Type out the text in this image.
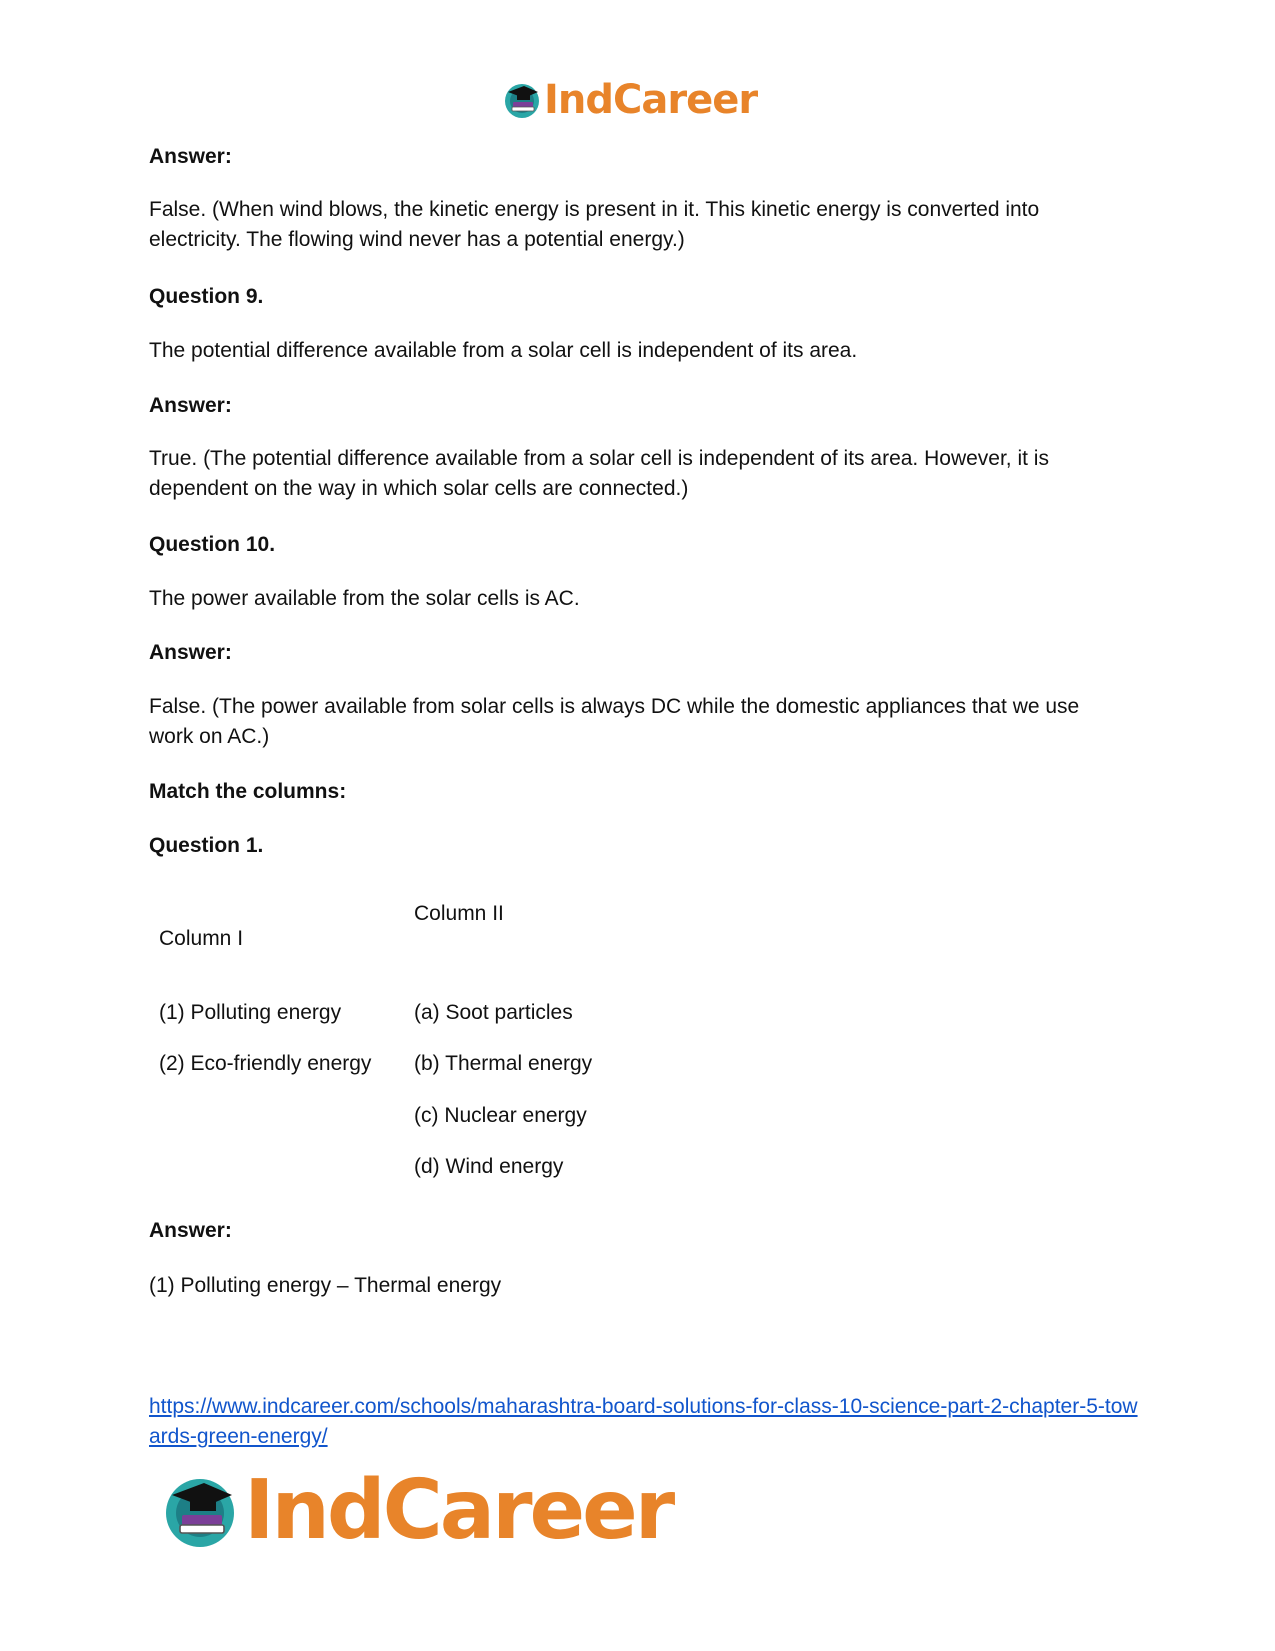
IndCareer

Answer:

False. (When wind blows, the kinetic energy is present in it. This kinetic energy is converted into electricity. The flowing wind never has a potential energy.)

Question 9.

The potential difference available from a solar cell is independent of its area.

Answer:

True. (The potential difference available from a solar cell is independent of its area. However, it is dependent on the way in which solar cells are connected.)

Question 10.

The power available from the solar cells is AC.

Answer:

False. (The power available from solar cells is always DC while the domestic appliances that we use work on AC.)

Match the columns:

Question 1.

Column I
Column II
(1) Polluting energy
(2) Eco-friendly energy
(a) Soot particles
(b) Thermal energy
(c) Nuclear energy
(d) Wind energy

Answer:

(1) Polluting energy – Thermal energy

https://www.indcareer.com/schools/maharashtra-board-solutions-for-class-10-science-part-2-chapter-5-towards-green-energy/
IndCareer
